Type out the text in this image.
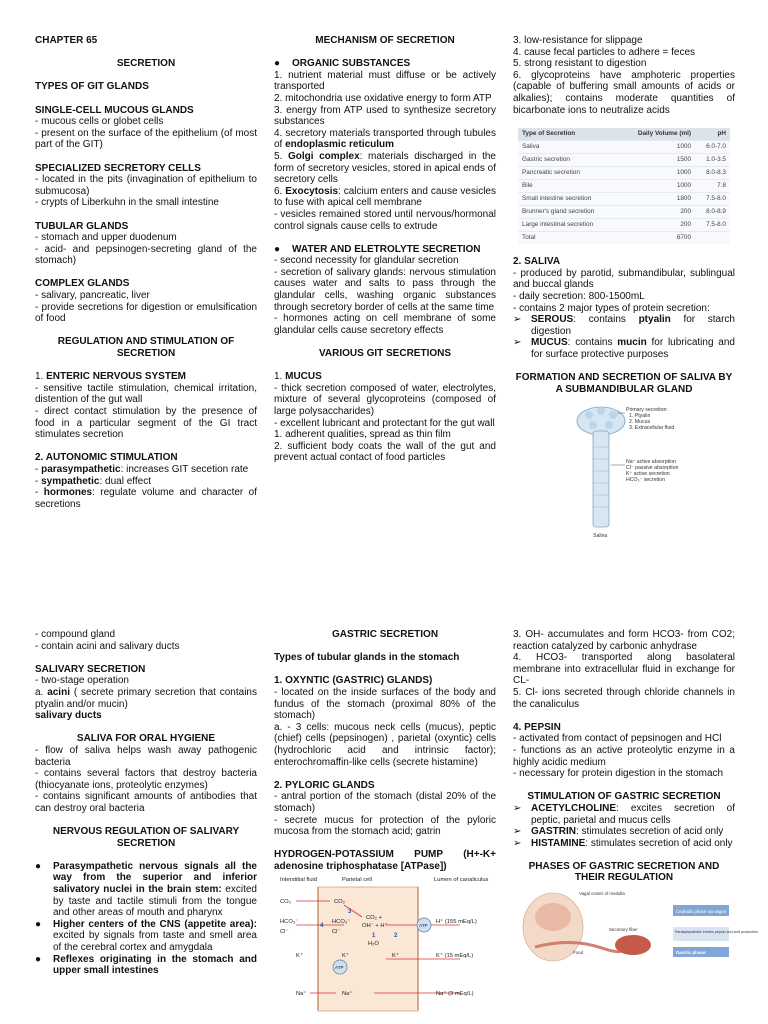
CHAPTER 65
SECRETION
TYPES OF GIT GLANDS
SINGLE-CELL MUCOUS GLANDS
- mucous cells or globet cells
- present on the surface of the epithelium (of most part of the GIT)
SPECIALIZED SECRETORY CELLS
- located in the pits (invagination of epithelium to submucosa)
- crypts of Liberkuhn in the small intestine
TUBULAR GLANDS
- stomach and upper duodenum
- acid- and pepsinogen-secreting gland of the stomach)
COMPLEX GLANDS
- salivary, pancreatic, liver
- provide secretions for digestion or emulsification of food
REGULATION AND STIMULATION OF SECRETION
1. ENTERIC NERVOUS SYSTEM
- sensitive tactile stimulation, chemical irritation, distention of the gut wall
- direct contact stimulation by the presence of food in a particular segment of the GI tract stimulates secretion
2. AUTONOMIC STIMULATION
- parasympathetic: increases GIT secetion rate
- sympathetic: dual effect
- hormones: regulate volume and character of secretions
MECHANISM OF SECRETION
● ORGANIC SUBSTANCES
1. nutrient material must diffuse or be actively transported
2. mitochondria use oxidative energy to form ATP
3. energy from ATP used to synthesize secretory substances
4. secretory materials transported through tubules of endoplasmic reticulum
5. Golgi complex: materials discharged in the form of secretory vesicles, stored in apical ends of secretory cells
6. Exocytosis: calcium enters and cause vesicles to fuse with apical cell membrane
- vesicles remained stored until nervous/hormonal control signals cause cells to extrude
● WATER AND ELETROLYTE SECRETION
- second necessity for glandular secretion
- secretion of salivary glands: nervous stimulation causes water and salts to pass through the glandular cells, washing organic substances through secretory border of cells at the same time
- hormones acting on cell membrane of some glandular cells cause secretory effects
VARIOUS GIT SECRETIONS
1. MUCUS
- thick secretion composed of water, electrolytes, mixture of several glycoproteins (composed of large polysaccharides)
- excellent lubricant and protectant for the gut wall
1. adherent qualities, spread as thin film
2. sufficient body coats the wall of the gut and prevent actual contact of food particles
3. low-resistance for slippage
4. cause fecal particles to adhere = feces
5. strong resistant to digestion
6. glycoproteins have amphoteric properties (capable of buffering small amounts of acids or alkalies); contains moderate quantities of bicarbonate ions to neutralize acids
Type of Secretion	Daily Volume (ml)	pH
Saliva	1000	6.0-7.0
Gastric secretion	1500	1.0-3.5
Pancreatic secretion	1000	8.0-8.3
Bile	1000	7.8
Small intestine secretion	1800	7.5-8.0
Brunner's gland secretion	200	8.0-8.9
Large intestinal secretion	200	7.5-8.0
Total	6700	
2. SALIVA
- produced by parotid, submandibular, sublingual and buccal glands
- daily secretion: 800-1500mL
- contains 2 major types of protein secretion:
➢ SEROUS: contains ptyalin for starch digestion
➢ MUCUS: contains mucin for lubricating and for surface protective purposes
FORMATION AND SECRETION OF SALIVA BY A SUBMANDIBULAR GLAND
Primary secretion:
1. Ptyalin
2. Mucus
3. Extracellular fluid
Na⁺ active absorption
Cl⁻ passive absorption
K⁺ active secretion
HCO₃⁻ secretion
Saliva
- compound gland
- contain acini and salivary ducts
SALIVARY SECRETION
- two-stage operation
a. acini ( secrete primary secretion that contains ptyalin and/or mucin)
salivary ducts
SALIVA FOR ORAL HYGIENE
- flow of saliva helps wash away pathogenic bacteria
- contains several factors that destroy bacteria (thiocyanate ions, proteolytic enzymes)
- contains significant amounts of antibodies that can destroy oral bacteria
NERVOUS REGULATION OF SALIVARY SECRETION
● Parasympathetic nervous signals all the way from the superior and inferior salivatory nuclei in the brain stem: excited by taste and tactile stimuli from the tongue and other areas of mouth and pharynx
● Higher centers of the CNS (appetite area): excited by signals from taste and smell area of the cerebral cortex and amygdala
● Reflexes originating in the stomach and upper small intestines
GASTRIC SECRETION
Types of tubular glands in the stomach
1. OXYNTIC (GASTRIC) GLANDS)
- located on the inside surfaces of the body and fundus of the stomach (proximal 80% of the stomach)
a. - 3 cells: mucous neck cells (mucus), peptic (chief) cells (pepsinogen) , parietal (oxyntic) cells (hydrochloric acid and intrinsic factor); enterochromaffin-like cells (secrete histamine)
2. PYLORIC GLANDS
- antral portion of the stomach (distal 20% of the stomach)
- secrete mucus for protection of the pyloric mucosa from the stomach acid; gatrin
HYDROGEN-POTASSIUM PUMP (H+-K+ adenosine triphosphatase [ATPase])
Interstitial fluid	Parietal cell	Lumen of canaliculus
CO₂	CO₂
HCO₃⁻	HCO₃⁻
Cl⁻	Cl⁻
CO₂ +
OH⁻ + H⁺
H₂O
ATP
ATP
H⁺ (155 mEq/L)
K⁺ (15 mEq/L)
Na⁺ (3 mEq/L)
K⁺	K⁺	K⁺
Na⁺	Na⁺
1	2
3
4
3. OH- accumulates and form HCO3- from CO2; reaction catalyzed by carbonic anhydrase
4. HCO3- transported along basolateral membrane into extracellular fluid in exchange for CL-
5. Cl- ions secreted through chloride channels in the canaliculus
4. PEPSIN
- activated from contact of pepsinogen and HCl
- functions as an active proteolytic enzyme in a highly acidic medium
- necessary for protein digestion in the stomach
STIMULATION OF GASTRIC SECRETION
➢ ACETYLCHOLINE: excites secretion of peptic, parietal and mucus cells
➢ GASTRIN: stimulates secretion of acid only
➢ HISTAMINE: stimulates secretion of acid only
PHASES OF GASTRIC SECRETION AND THEIR REGULATION
Vagal center of medulla
Cephalic phase via vagus
Parasympathetic excites pepsin and acid production
Gastric phase:
Food
Secretory fiber
